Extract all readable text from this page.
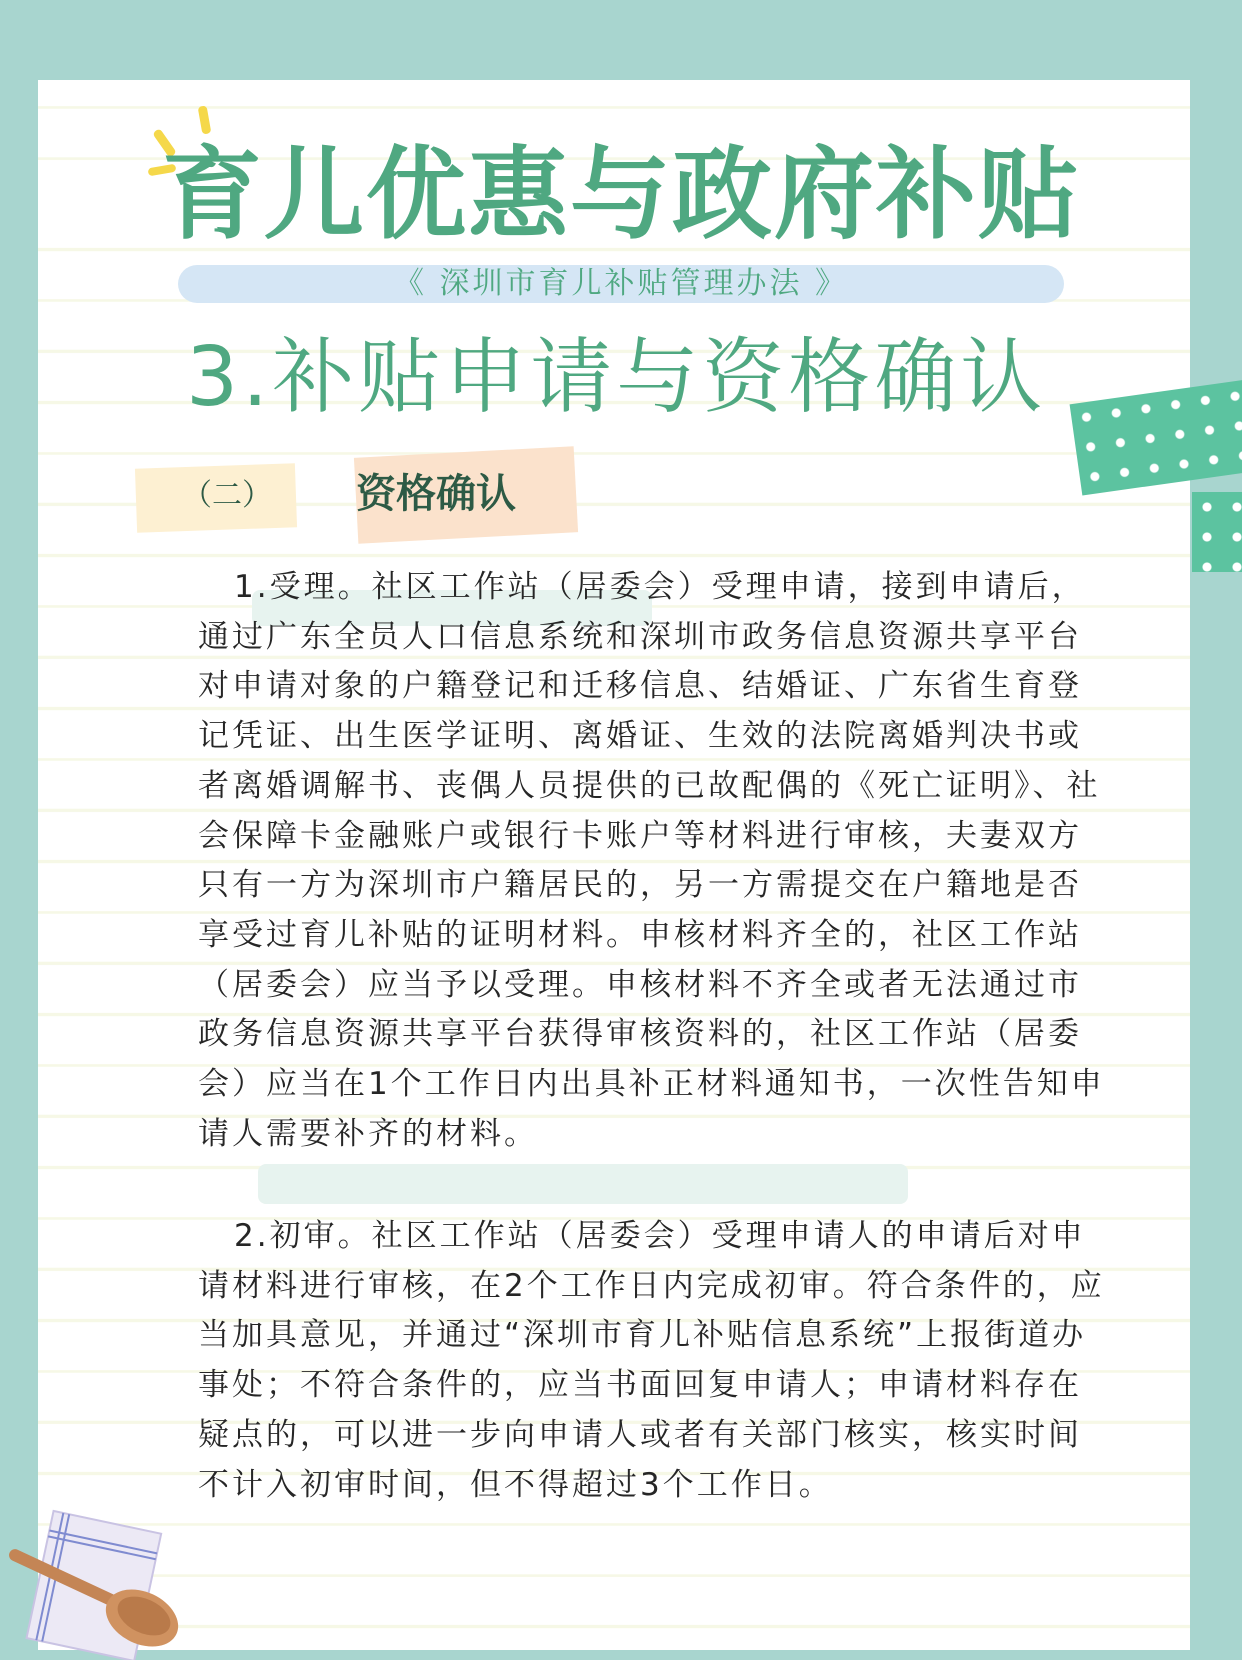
育儿优惠与政府补贴
《 深圳市育儿补贴管理办法 》
3.补贴申请与资格确认
（二） 资格确认

1.受理。社区工作站（居委会）受理申请，接到申请后，通过广东全员人口信息系统和深圳市政务信息资源共享平台对申请对象的户籍登记和迁移信息、结婚证、广东省生育登记凭证、出生医学证明、离婚证、生效的法院离婚判决书或者离婚调解书、丧偶人员提供的已故配偶的《死亡证明》、社会保障卡金融账户或银行卡账户等材料进行审核，夫妻双方只有一方为深圳市户籍居民的，另一方需提交在户籍地是否享受过育儿补贴的证明材料。申核材料齐全的，社区工作站（居委会）应当予以受理。申核材料不齐全或者无法通过市政务信息资源共享平台获得审核资料的，社区工作站（居委会）应当在1个工作日内出具补正材料通知书，一次性告知申请人需要补齐的材料。

2.初审。社区工作站（居委会）受理申请人的申请后对申请材料进行审核，在2个工作日内完成初审。符合条件的，应当加具意见，并通过“深圳市育儿补贴信息系统”上报街道办事处；不符合条件的，应当书面回复申请人；申请材料存在疑点的，可以进一步向申请人或者有关部门核实，核实时间不计入初审时间，但不得超过3个工作日。
